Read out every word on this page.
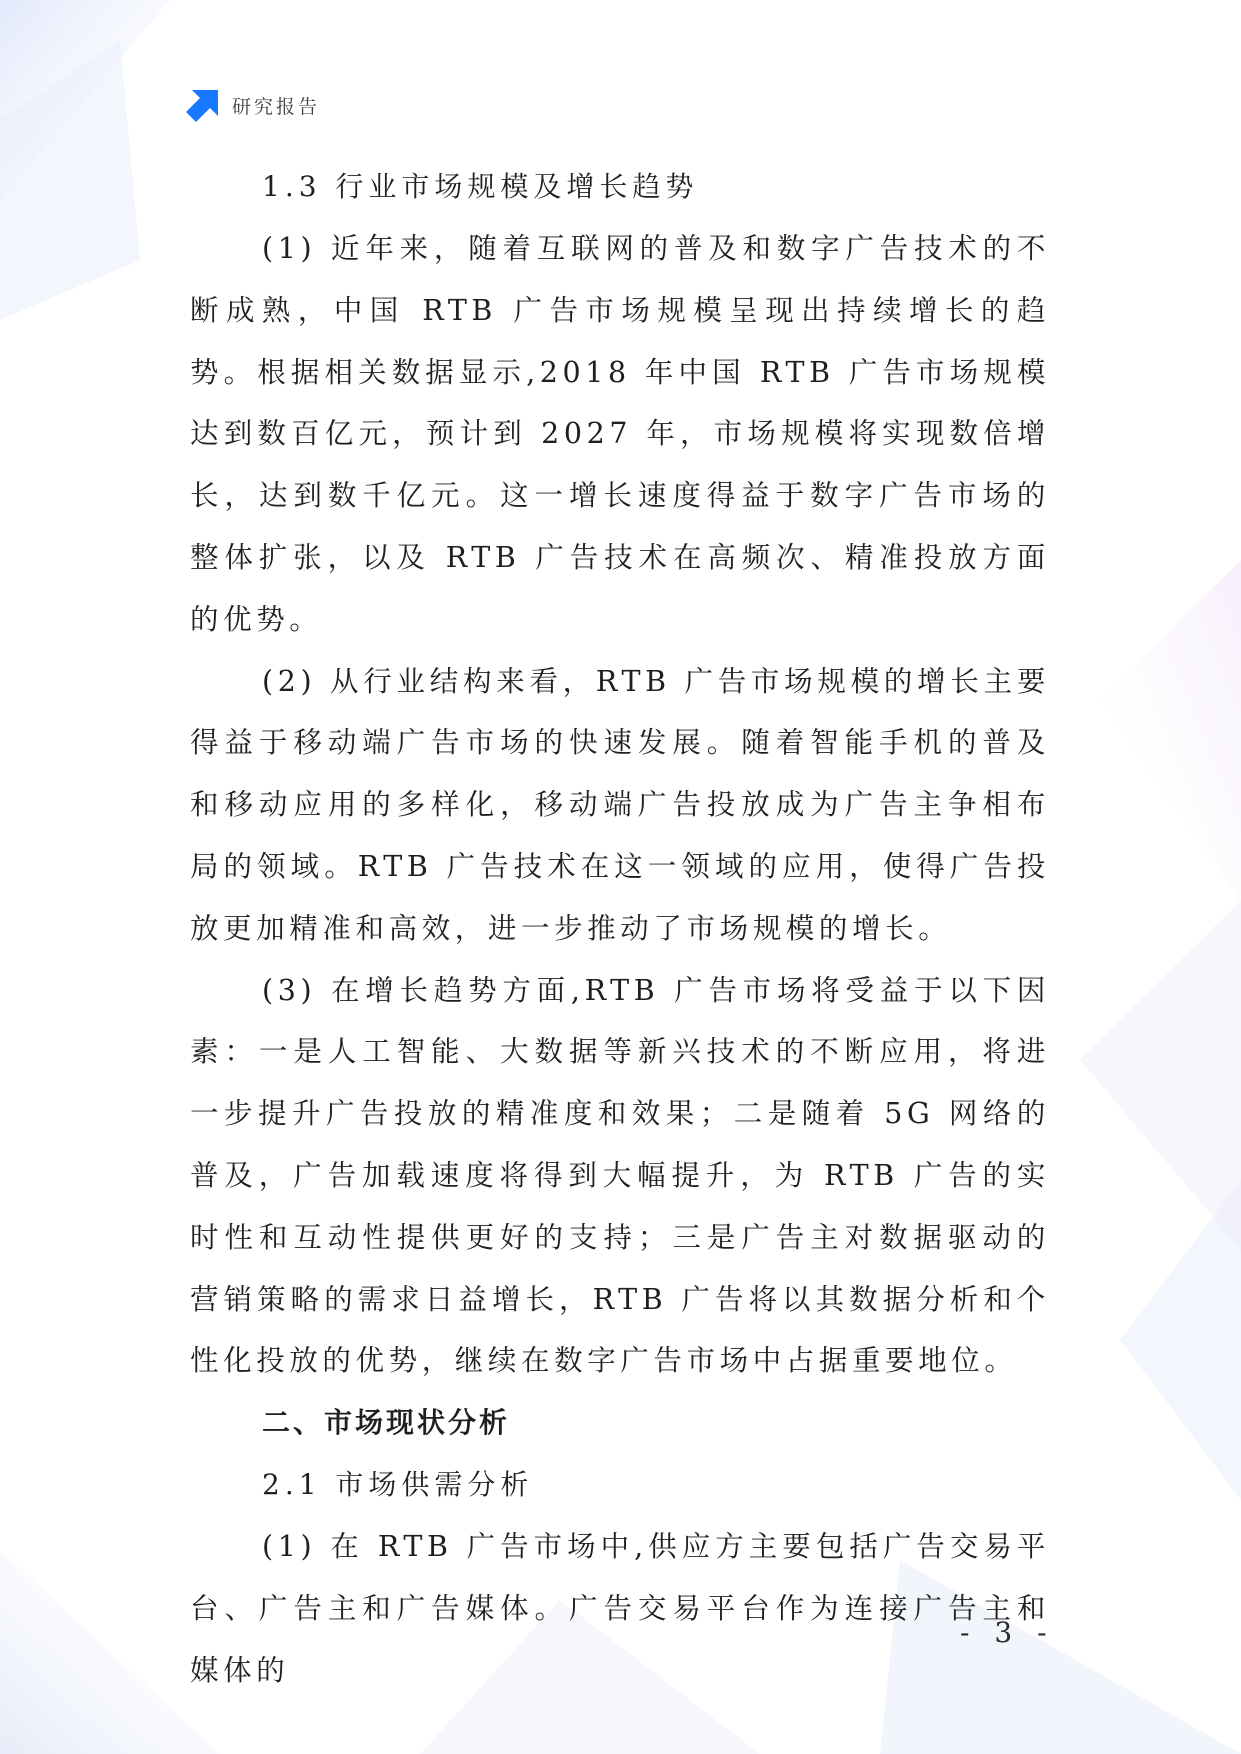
研究报告
1.3 行业市场规模及增长趋势

(1) 近年来，随着互联网的普及和数字广告技术的不断成熟，中国 RTB 广告市场规模呈现出持续增长的趋势。根据相关数据显示,2018 年中国 RTB 广告市场规模达到数百亿元，预计到 2027 年，市场规模将实现数倍增长，达到数千亿元。这一增长速度得益于数字广告市场的整体扩张，以及 RTB 广告技术在高频次、精准投放方面的优势。

(2) 从行业结构来看，RTB 广告市场规模的增长主要得益于移动端广告市场的快速发展。随着智能手机的普及和移动应用的多样化，移动端广告投放成为广告主争相布局的领域。RTB 广告技术在这一领域的应用，使得广告投放更加精准和高效，进一步推动了市场规模的增长。

(3) 在增长趋势方面,RTB 广告市场将受益于以下因素：一是人工智能、大数据等新兴技术的不断应用，将进一步提升广告投放的精准度和效果；二是随着 5G 网络的普及，广告加载速度将得到大幅提升，为 RTB 广告的实时性和互动性提供更好的支持；三是广告主对数据驱动的营销策略的需求日益增长，RTB 广告将以其数据分析和个性化投放的优势，继续在数字广告市场中占据重要地位。

二、市场现状分析
2.1 市场供需分析

(1) 在 RTB 广告市场中,供应方主要包括广告交易平台、广告主和广告媒体。广告交易平台作为连接广告主和媒体的

- 3 -
